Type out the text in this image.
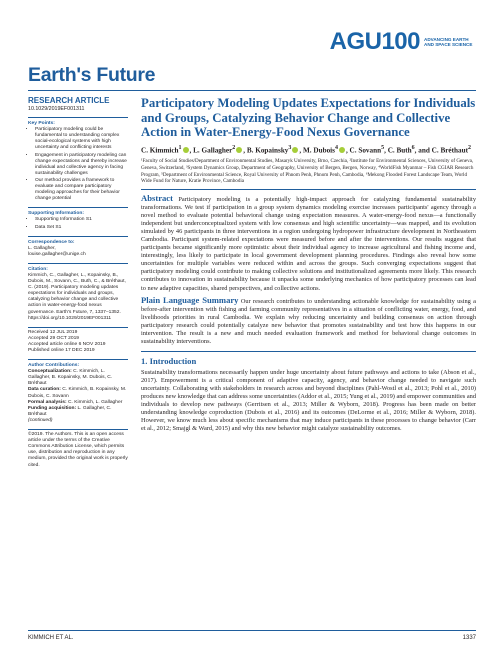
AGU100 ADVANCING EARTH AND SPACE SCIENCE
Earth's Future
RESEARCH ARTICLE
10.1029/2019EF001311
Key Points:
• Participatory modeling could be fundamental to understanding complex social-ecological systems with high uncertainty and conflicting interests
• Engagement in participatory modeling can change expectations and thereby increase individual and collective agency in facing sustainability challenges
• Our method provides a framework to evaluate and compare participatory modeling approaches for their behavior change potential
Supporting Information:
• Supporting Information S1
• Data Set S1
Correspondence to:

L. Gallagher,

louise.gallagher@unige.ch

Citation:

Kimmich, C., Gallagher, L., Kopainsky, B., Dubois, M., Sovann, C., Buth, C., & Bréthaut, C. (2019). Participatory modeling updates expectations for individuals and groups, catalyzing behavior change and collective action in water-energy-food nexus governance. Earth's Future, 7, 1337–1352. https://doi.org/10.1029/2019EF001311

Received 12 JUL 2019

Accepted 29 OCT 2019

Accepted article online 6 NOV 2019

Published online 17 DEC 2019

Author Contributions:

Conceptualization: C. Kimmich, L. Gallagher, B. Kopainsky, M. Dubois, C. Bréthaut

Data curation: C. Kimmich, B. Kopainsky, M. Dubois, C. Sovann

Formal analysis: C. Kimmich, L. Gallagher

Funding acquisition: L. Gallagher, C. Bréthaut

(continued)

©2019. The Authors. This is an open access article under the terms of the Creative Commons Attribution License, which permits use, distribution and reproduction in any medium, provided the original work is properly cited.

Participatory Modeling Updates Expectations for Individuals and Groups, Catalyzing Behavior Change and Collective Action in Water-Energy-Food Nexus Governance

C. Kimmich$^1$ , L. Gallagher$^2$ , B. Kopainsky$^3$ , M. Dubois$^4$ , C. Sovann$^5$, C. Buth$^6$, and C. Bréthaut$^2$

¹Faculty of Social Studies/Department of Environmental Studies, Masaryk University, Brno, Czechia, ²Institute for Environmental Sciences, University of Geneva, Geneva, Switzerland, ³System Dynamics Group, Department of Geography, University of Bergen, Bergen, Norway, ⁴WorldFish Myanmar – Fish CGIAR Research Program, ⁵Department of Environmental Science, Royal University of Phnom Penh, Phnom Penh, Cambodia, ⁶Mekong Flooded Forest Landscape Team, World Wide Fund for Nature, Kratie Province, Cambodia

Abstract Participatory modeling is a potentially high-impact approach for catalyzing fundamental sustainability transformations. We test if participation in a group system dynamics modeling exercise increases participants' agency through a novel method to evaluate potential behavioral change using expectation measures. A water-energy-food nexus—a functionally independent but underconceptualized system with low consensus and high scientific uncertainty—was mapped, and its evolution simulated by 46 participants in three interventions in a region undergoing hydropower infrastructure development in Northeastern Cambodia. Participant system-related expectations were measured before and after the interventions. Our results suggest that participants became significantly more optimistic about their individual agency to increase agricultural and fishing income and, interestingly, less likely to participate in local government development planning procedures. Findings also reveal how some uncertainties for multiple variables were reduced within and across the groups. Such converging expectations suggest that participatory modeling could contribute to making collective solutions and institutionalized agreements more likely. This research contributes to innovation in sustainability because it unpacks some underlying mechanics of how participatory processes can lead to new adaptive capacities, shared perspectives, and collective actions.

Plain Language Summary Our research contributes to understanding actionable knowledge for sustainability using a before-after intervention with fishing and farming community representatives in a situation of conflicting water, energy, food, and livelihoods priorities in rural Cambodia. We explain why reducing uncertainty and building consensus on action through participatory research could potentially catalyze new behavior that promotes sustainability and test how this happens in our intervention. The result is a new and much needed evaluation framework and method for behavioral change outcomes in sustainability interventions.

1. Introduction

Sustainability transformations necessarily happen under huge uncertainty about future pathways and actions to take (Abson et al., 2017). Empowerment is a critical component of adaptive capacity, agency, and behavior change needed to navigate such uncertainty. Collaborating with stakeholders in research across and beyond disciplines (Pahl-Wostl et al., 2013; Pohl et al., 2010) produces new knowledge that can address some uncertainties (Addor et al., 2015; Yung et al., 2019) and empower communities and individuals to develop new pathways (Gerritsen et al., 2013; Miller & Wyborn, 2018). Progress has been made on better understanding knowledge coproduction (Dubois et al., 2016) and its outcomes (DeLorme et al., 2016; Miller & Wyborn, 2018). However, we know much less about specific mechanisms that may induce participants in these processes to change behavior (Carr et al., 2012; Smajgl & Ward, 2015) and why this new behavior might catalyze sustainability outcomes.

KIMMICH ET AL.	1337
